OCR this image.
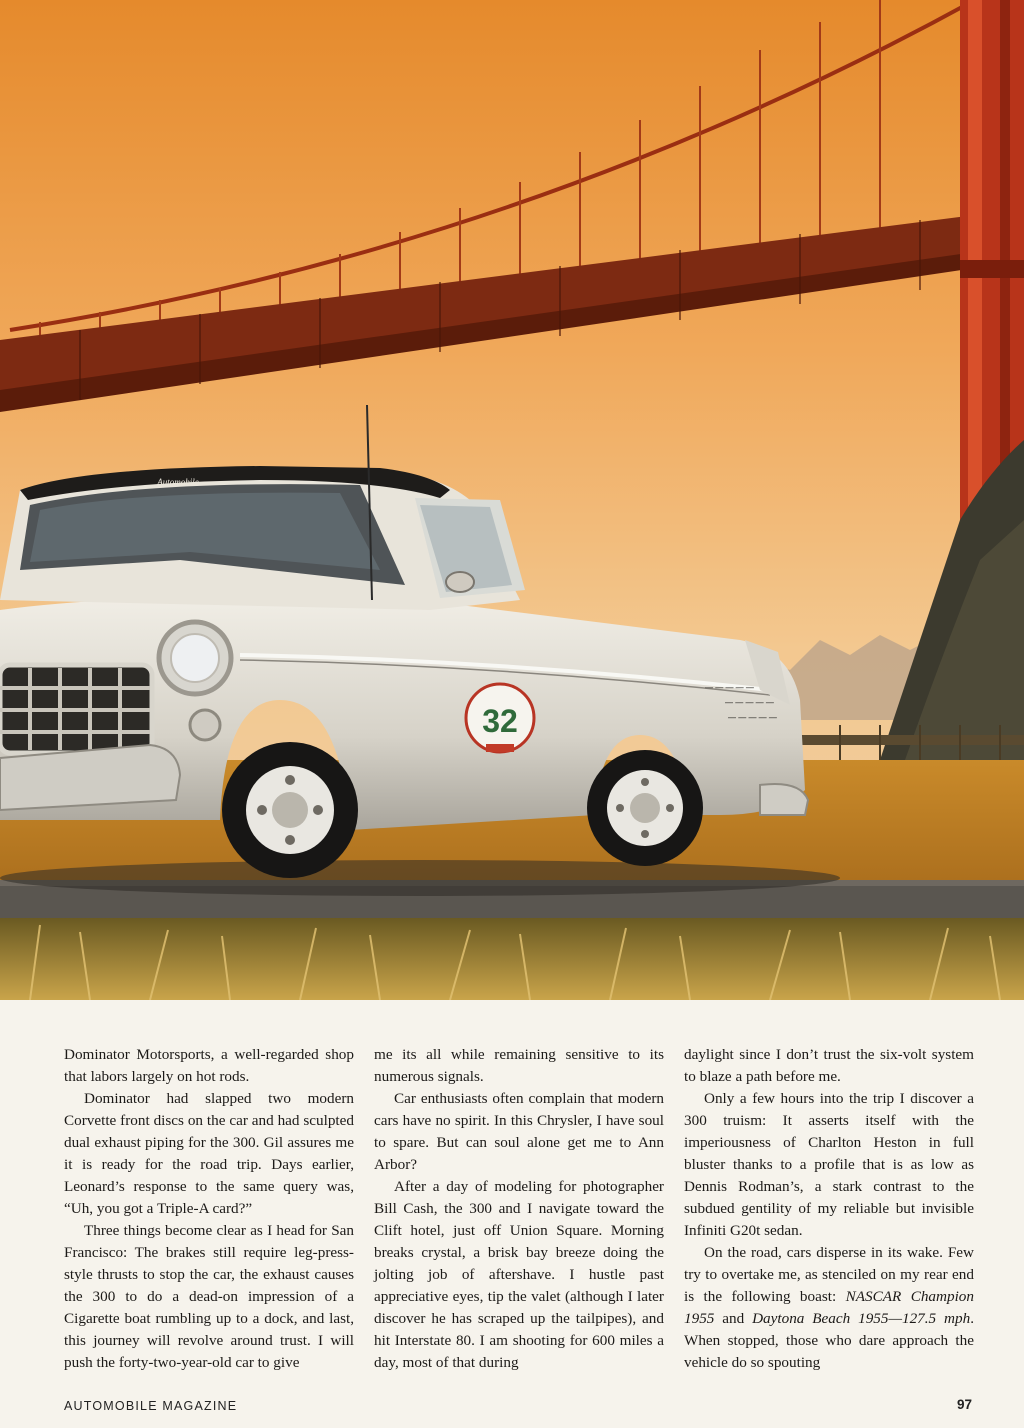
32
Automobile
— — — — —
— — — — —
— — — — —

Dominator Motorsports, a well-regarded shop that labors largely on hot rods.

Dominator had slapped two modern Corvette front discs on the car and had sculpted dual exhaust piping for the 300. Gil assures me it is ready for the road trip. Days earlier, Leonard’s response to the same query was, “Uh, you got a Triple-A card?”

Three things become clear as I head for San Francisco: The brakes still require leg-press-style thrusts to stop the car, the exhaust causes the 300 to do a dead-on impression of a Cigarette boat rumbling up to a dock, and last, this journey will revolve around trust. I will push the forty-two-year-old car to give

me its all while remaining sensitive to its numerous signals.

Car enthusiasts often complain that modern cars have no spirit. In this Chrysler, I have soul to spare. But can soul alone get me to Ann Arbor?

After a day of modeling for photographer Bill Cash, the 300 and I navigate toward the Clift hotel, just off Union Square. Morning breaks crystal, a brisk bay breeze doing the jolting job of aftershave. I hustle past appreciative eyes, tip the valet (although I later discover he has scraped up the tailpipes), and hit Interstate 80. I am shooting for 600 miles a day, most of that during

daylight since I don’t trust the six-volt system to blaze a path before me.

Only a few hours into the trip I discover a 300 truism: It asserts itself with the imperiousness of Charlton Heston in full bluster thanks to a profile that is as low as Dennis Rodman’s, a stark contrast to the subdued gentility of my reliable but invisible Infiniti G20t sedan.

On the road, cars disperse in its wake. Few try to overtake me, as stenciled on my rear end is the following boast: NASCAR Champion 1955 and Daytona Beach 1955—127.5 mph. When stopped, those who dare approach the vehicle do so spouting

AUTOMOBILE MAGAZINE	97
